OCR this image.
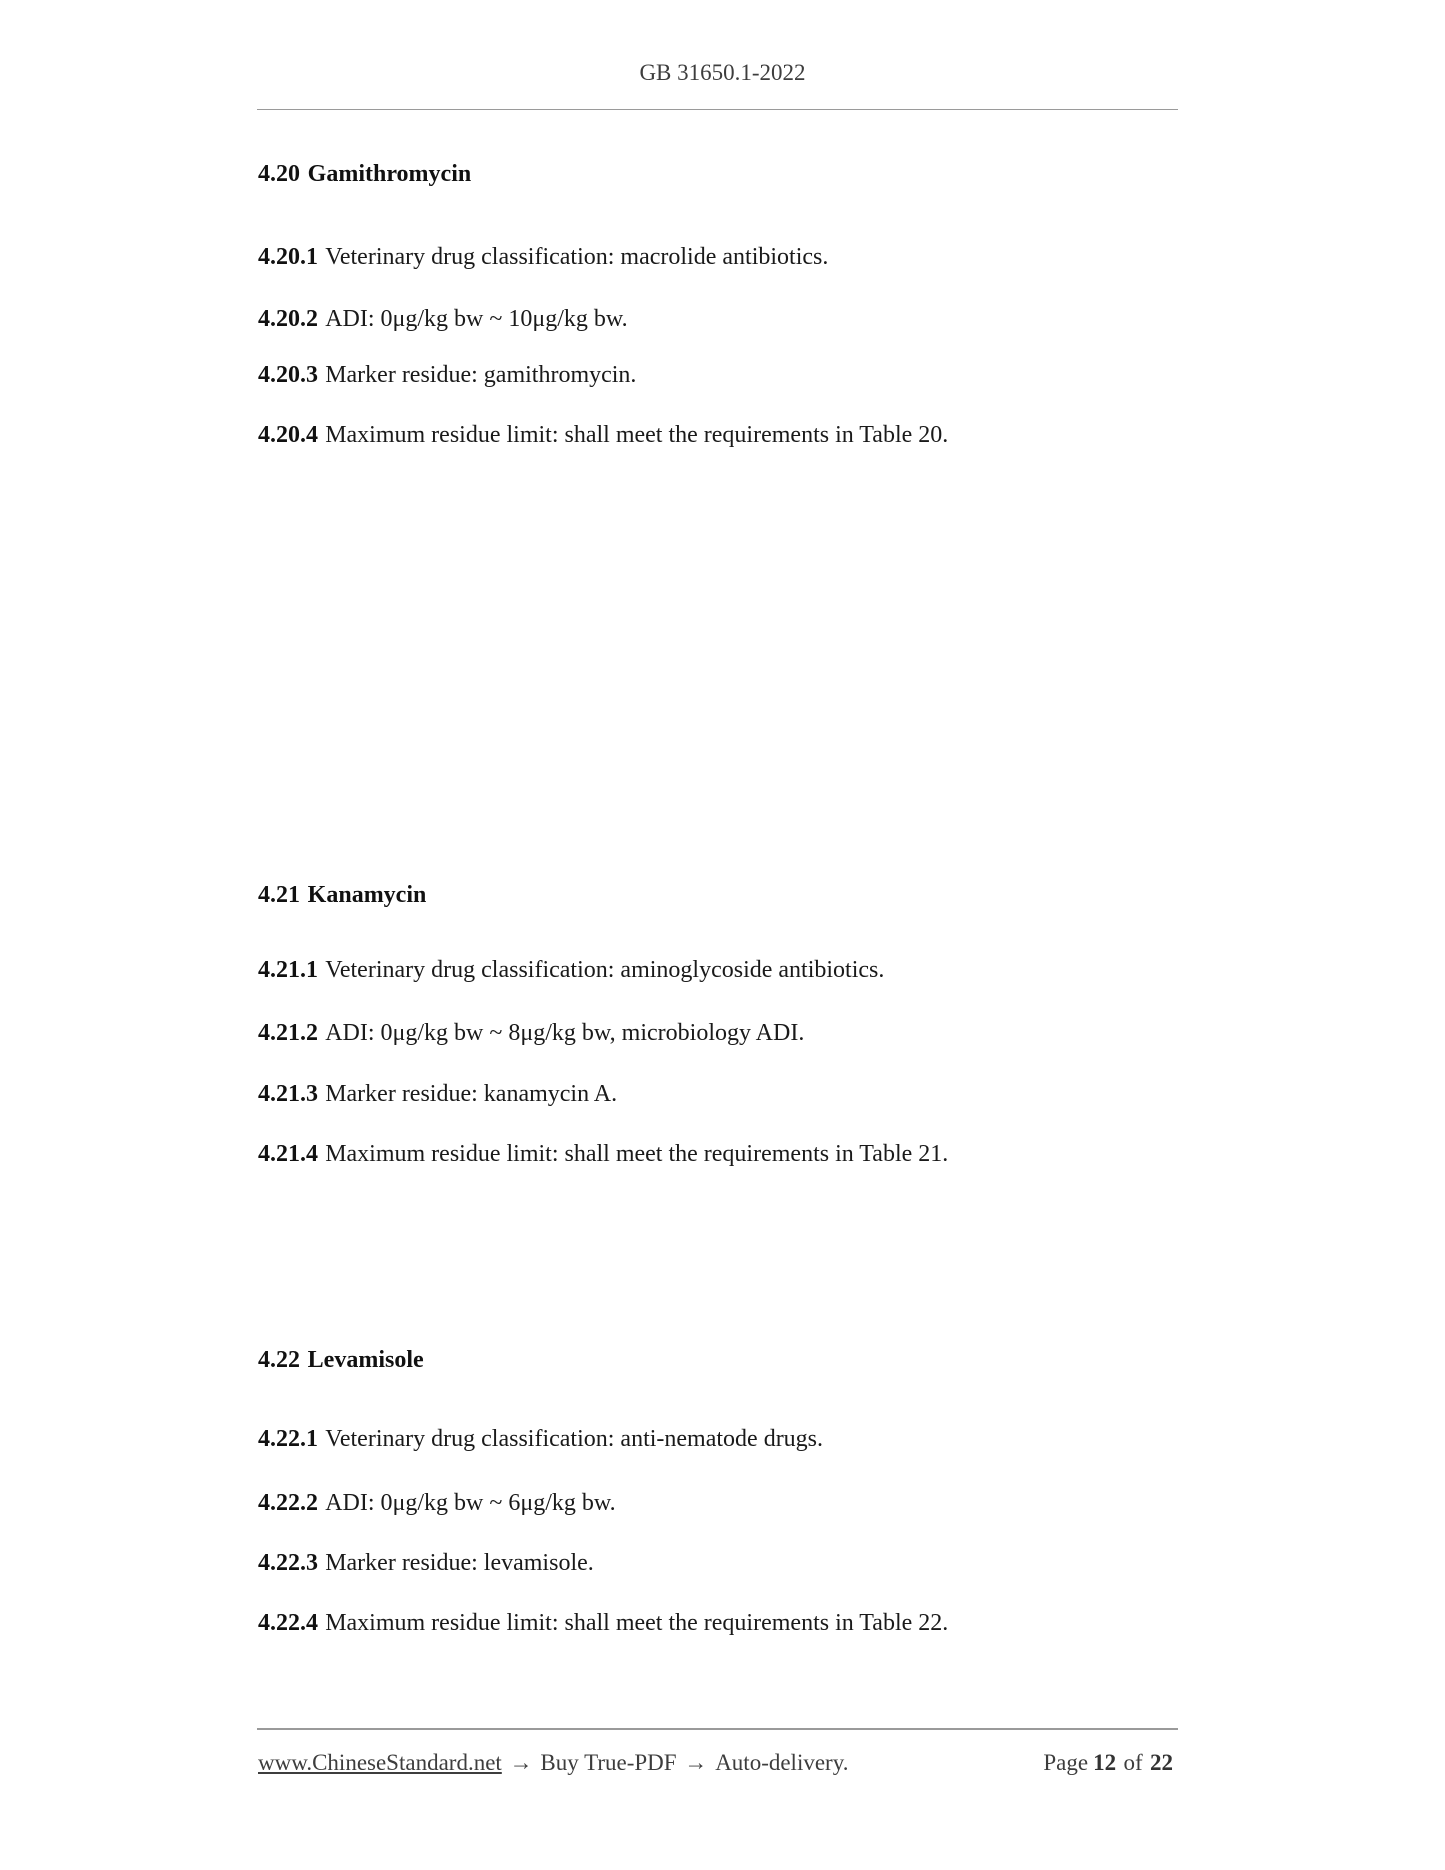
GB 31650.1-2022
4.20 Gamithromycin
4.20.1 Veterinary drug classification: macrolide antibiotics.
4.20.2 ADI: 0μg/kg bw ~ 10μg/kg bw.
4.20.3 Marker residue: gamithromycin.
4.20.4 Maximum residue limit: shall meet the requirements in Table 20.
4.21 Kanamycin
4.21.1 Veterinary drug classification: aminoglycoside antibiotics.
4.21.2 ADI: 0μg/kg bw ~ 8μg/kg bw, microbiology ADI.
4.21.3 Marker residue: kanamycin A.
4.21.4 Maximum residue limit: shall meet the requirements in Table 21.
4.22 Levamisole
4.22.1 Veterinary drug classification: anti-nematode drugs.
4.22.2 ADI: 0μg/kg bw ~ 6μg/kg bw.
4.22.3 Marker residue: levamisole.
4.22.4 Maximum residue limit: shall meet the requirements in Table 22.
www.ChineseStandard.net → Buy True-PDF → Auto-delivery.	Page 12 of 22
